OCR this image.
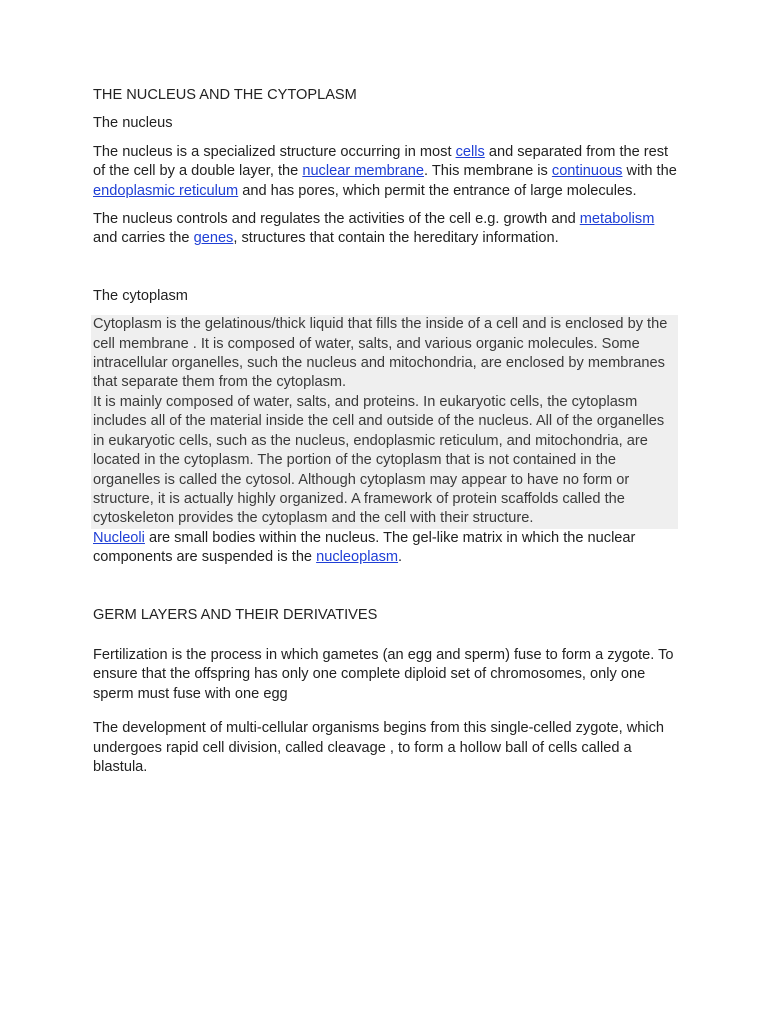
THE NUCLEUS AND THE CYTOPLASM

The nucleus

The nucleus is a specialized structure occurring in most cells and separated from the rest of the cell by a double layer, the nuclear membrane. This membrane is continuous with the endoplasmic reticulum and has pores, which permit the entrance of large molecules.

The nucleus controls and regulates the activities of the cell e.g. growth and metabolism and carries the genes, structures that contain the hereditary information.

The cytoplasm

Cytoplasm is the gelatinous/thick liquid that fills the inside of a cell and is enclosed by the cell membrane . It is composed of water, salts, and various organic molecules. Some intracellular organelles, such the nucleus and mitochondria, are enclosed by membranes that separate them from the cytoplasm.

It is mainly composed of water, salts, and proteins. In eukaryotic cells, the cytoplasm includes all of the material inside the cell and outside of the nucleus. All of the organelles in eukaryotic cells, such as the nucleus, endoplasmic reticulum, and mitochondria, are located in the cytoplasm. The portion of the cytoplasm that is not contained in the organelles is called the cytosol. Although cytoplasm may appear to have no form or structure, it is actually highly organized. A framework of protein scaffolds called the cytoskeleton provides the cytoplasm and the cell with their structure.

Nucleoli are small bodies within the nucleus. The gel-like matrix in which the nuclear components are suspended is the nucleoplasm.

GERM LAYERS AND THEIR DERIVATIVES

Fertilization is the process in which gametes (an egg and sperm) fuse to form a zygote. To ensure that the offspring has only one complete diploid set of chromosomes, only one sperm must fuse with one egg

The development of multi-cellular organisms begins from this single-celled zygote, which undergoes rapid cell division, called cleavage , to form a hollow ball of cells called a blastula.
